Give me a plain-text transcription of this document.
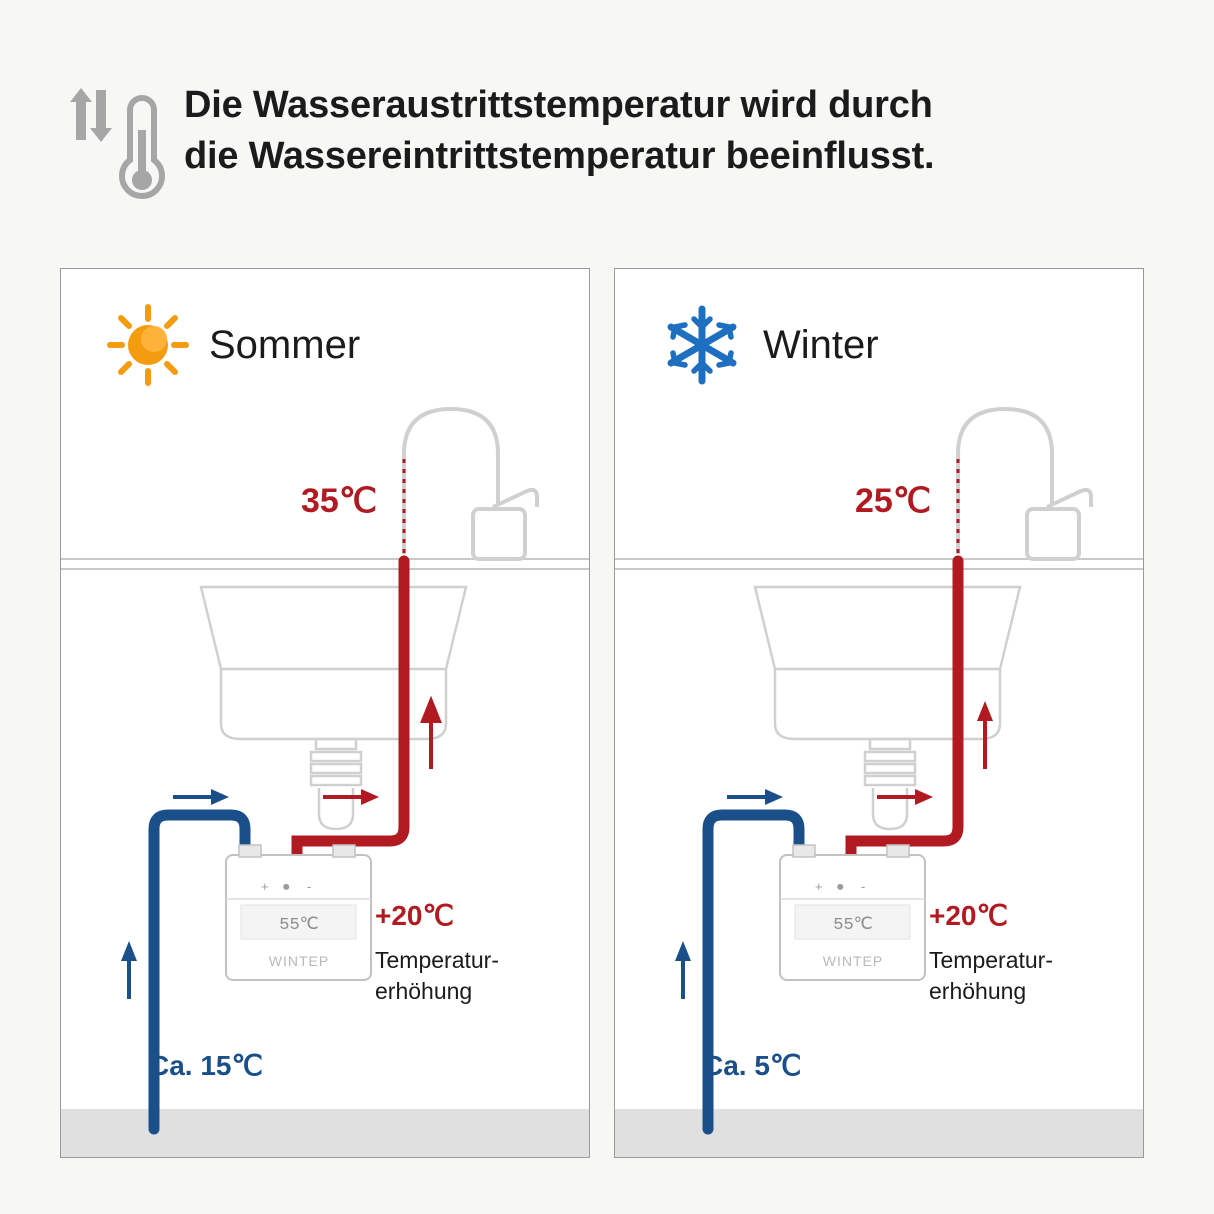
Die Wasseraustrittstemperatur wird durch
die Wassereintrittstemperatur beeinflusst.
Sommer
35℃
+20℃
Temperatur-
erhöhung
Ca. 15℃
+ ⏺ -
55℃
WINTEP
Winter
25℃
+20℃
Temperatur-
erhöhung
Ca. 5℃
+ ⏺ -
55℃
WINTEP
